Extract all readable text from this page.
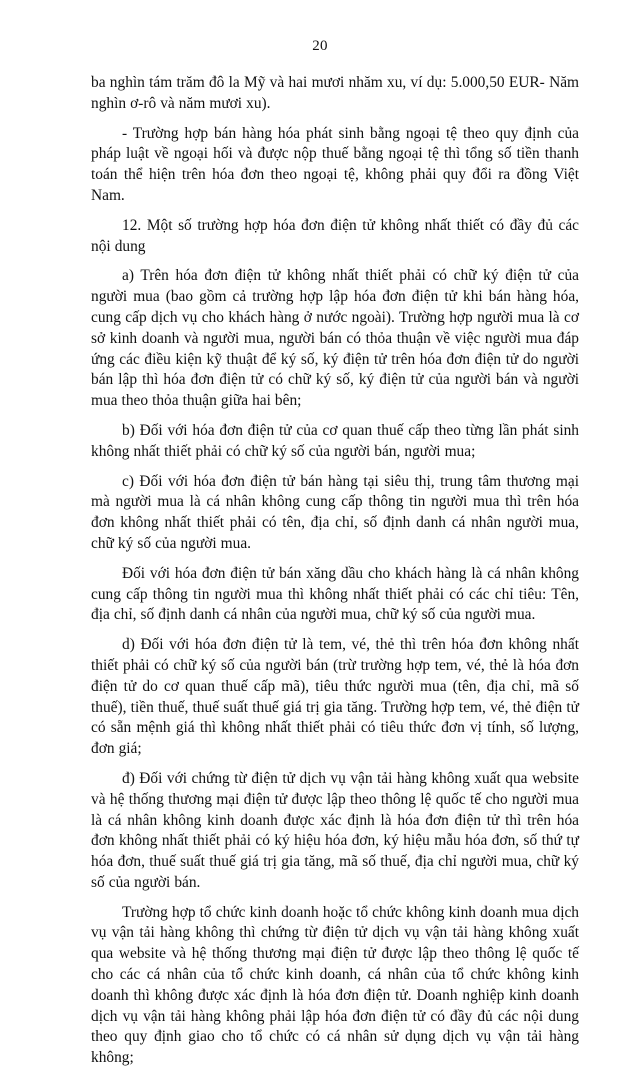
20

ba nghìn tám trăm đô la Mỹ và hai mươi nhăm xu, ví dụ: 5.000,50 EUR- Năm nghìn ơ-rô và năm mươi xu).

- Trường hợp bán hàng hóa phát sinh bằng ngoại tệ theo quy định của pháp luật về ngoại hối và được nộp thuế bằng ngoại tệ thì tổng số tiền thanh toán thể hiện trên hóa đơn theo ngoại tệ, không phải quy đổi ra đồng Việt Nam.

12. Một số trường hợp hóa đơn điện tử không nhất thiết có đầy đủ các nội dung

a) Trên hóa đơn điện tử không nhất thiết phải có chữ ký điện tử của người mua (bao gồm cả trường hợp lập hóa đơn điện tử khi bán hàng hóa, cung cấp dịch vụ cho khách hàng ở nước ngoài). Trường hợp người mua là cơ sở kinh doanh và người mua, người bán có thỏa thuận về việc người mua đáp ứng các điều kiện kỹ thuật để ký số, ký điện tử trên hóa đơn điện tử do người bán lập thì hóa đơn điện tử có chữ ký số, ký điện tử của người bán và người mua theo thỏa thuận giữa hai bên;

b) Đối với hóa đơn điện tử của cơ quan thuế cấp theo từng lần phát sinh không nhất thiết phải có chữ ký số của người bán, người mua;

c) Đối với hóa đơn điện tử bán hàng tại siêu thị, trung tâm thương mại mà người mua là cá nhân không cung cấp thông tin người mua thì trên hóa đơn không nhất thiết phải có tên, địa chỉ, số định danh cá nhân người mua, chữ ký số của người mua.

Đối với hóa đơn điện tử bán xăng dầu cho khách hàng là cá nhân không cung cấp thông tin người mua thì không nhất thiết phải có các chỉ tiêu: Tên, địa chỉ, số định danh cá nhân của người mua, chữ ký số của người mua.

d) Đối với hóa đơn điện tử là tem, vé, thẻ thì trên hóa đơn không nhất thiết phải có chữ ký số của người bán (trừ trường hợp tem, vé, thẻ là hóa đơn điện tử do cơ quan thuế cấp mã), tiêu thức người mua (tên, địa chỉ, mã số thuế), tiền thuế, thuế suất thuế giá trị gia tăng. Trường hợp tem, vé, thẻ điện tử có sẵn mệnh giá thì không nhất thiết phải có tiêu thức đơn vị tính, số lượng, đơn giá;

đ) Đối với chứng từ điện tử dịch vụ vận tải hàng không xuất qua website và hệ thống thương mại điện tử được lập theo thông lệ quốc tế cho người mua là cá nhân không kinh doanh được xác định là hóa đơn điện tử thì trên hóa đơn không nhất thiết phải có ký hiệu hóa đơn, ký hiệu mẫu hóa đơn, số thứ tự hóa đơn, thuế suất thuế giá trị gia tăng, mã số thuế, địa chỉ người mua, chữ ký số của người bán.

Trường hợp tổ chức kinh doanh hoặc tổ chức không kinh doanh mua dịch vụ vận tải hàng không thì chứng từ điện tử dịch vụ vận tải hàng không xuất qua website và hệ thống thương mại điện tử được lập theo thông lệ quốc tế cho các cá nhân của tổ chức kinh doanh, cá nhân của tổ chức không kinh doanh thì không được xác định là hóa đơn điện tử. Doanh nghiệp kinh doanh dịch vụ vận tải hàng không phải lập hóa đơn điện tử có đầy đủ các nội dung theo quy định giao cho tổ chức có cá nhân sử dụng dịch vụ vận tải hàng không;
